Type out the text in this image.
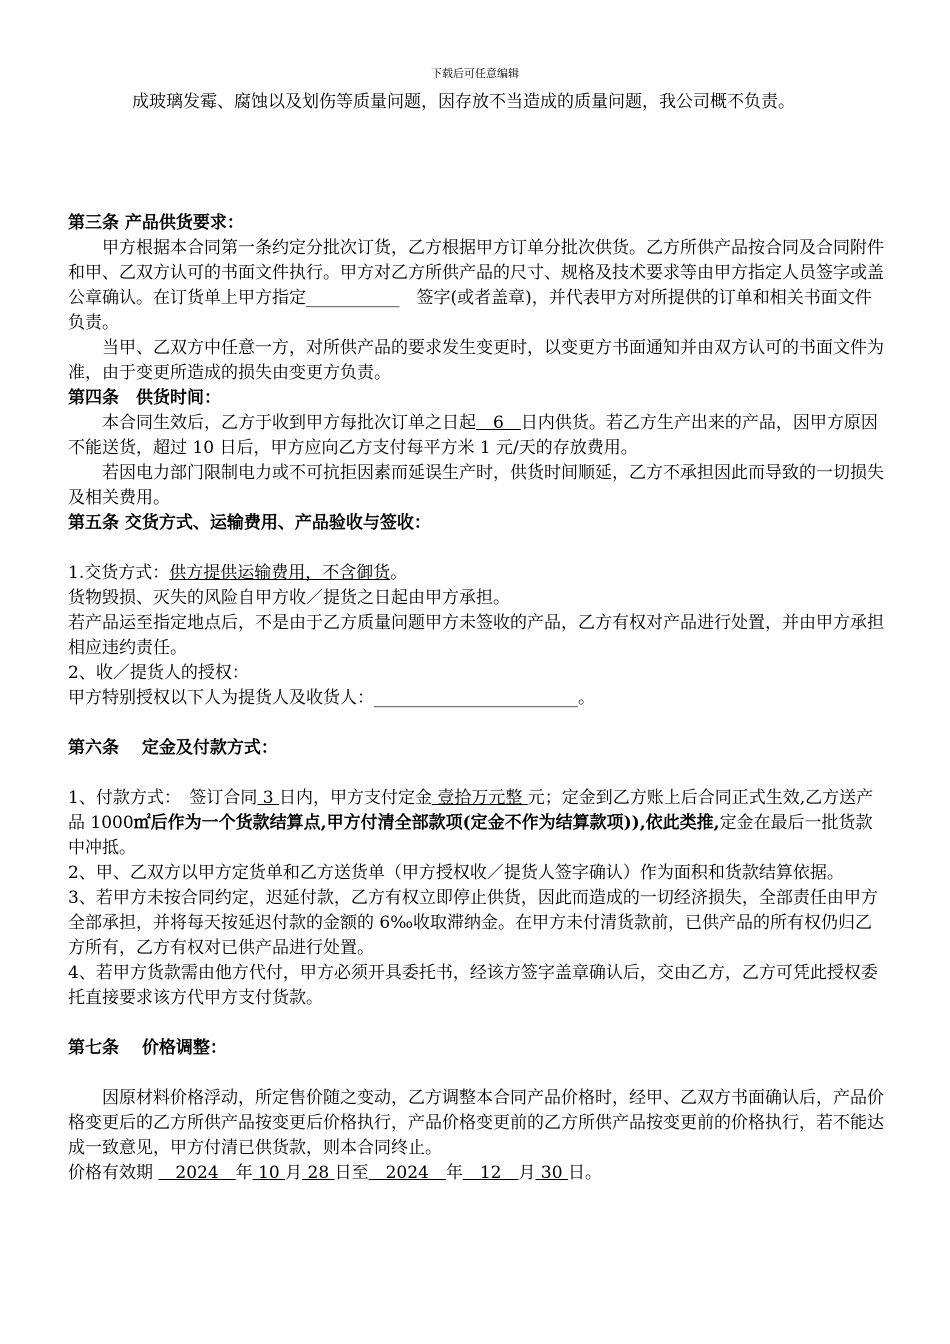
下载后可任意编辑

成玻璃发霉、腐蚀以及划伤等质量问题，因存放不当造成的质量问题，我公司概不负责。

第三条 产品供货要求：

甲方根据本合同第一条约定分批次订货，乙方根据甲方订单分批次供货。乙方所供产品按合同及合同附件和甲、乙双方认可的书面文件执行。甲方对乙方所供产品的尺寸、规格及技术要求等由甲方指定人员签字或盖公章确认。在订货单上甲方指定___________　签字(或者盖章)，并代表甲方对所提供的订单和相关书面文件负责。

当甲、乙双方中任意一方，对所供产品的要求发生变更时，以变更方书面通知并由双方认可的书面文件为准，由于变更所造成的损失由变更方负责。

第四条　供货时间：

本合同生效后，乙方于收到甲方每批次订单之日起　6　日内供货。若乙方生产出来的产品，因甲方原因不能送货，超过 10 日后，甲方应向乙方支付每平方米 1 元/天的存放费用。

若因电力部门限制电力或不可抗拒因素而延误生产时，供货时间顺延，乙方不承担因此而导致的一切损失及相关费用。

第五条 交货方式、运输费用、产品验收与签收：

1.交货方式：供方提供运输费用，不含御货。

货物毁损、灭失的风险自甲方收／提货之日起由甲方承担。

若产品运至指定地点后，不是由于乙方质量问题甲方未签收的产品，乙方有权对产品进行处置，并由甲方承担相应违约责任。

2、收／提货人的授权：

甲方特别授权以下人为提货人及收货人：________________________。

第六条　 定金及付款方式：

1、付款方式：　签订合同 3 日内，甲方支付定金 壹拾万元整 元；定金到乙方账上后合同正式生效,乙方送产品 1000㎡后作为一个货款结算点,甲方付清全部款项(定金不作为结算款项)),依此类推,定金在最后一批货款中冲抵。

2、甲、乙双方以甲方定货单和乙方送货单（甲方授权收／提货人签字确认）作为面积和货款结算依据。

3、若甲方未按合同约定，迟延付款，乙方有权立即停止供货，因此而造成的一切经济损失，全部责任由甲方全部承担，并将每天按延迟付款的金额的 6‰收取滞纳金。在甲方未付清货款前，已供产品的所有权仍归乙方所有，乙方有权对已供产品进行处置。

4、若甲方货款需由他方代付，甲方必须开具委托书，经该方签字盖章确认后，交由乙方，乙方可凭此授权委托直接要求该方代甲方支付货款。

第七条　 价格调整：

因原材料价格浮动，所定售价随之变动，乙方调整本合同产品价格时，经甲、乙双方书面确认后，产品价格变更后的乙方所供产品按变更后价格执行，产品价格变更前的乙方所供产品按变更前的价格执行，若不能达成一致意见，甲方付清已供货款，则本合同终止。

价格有效期 　2024　年 10 月 28 日至　2024　年　12　月 30 日。
